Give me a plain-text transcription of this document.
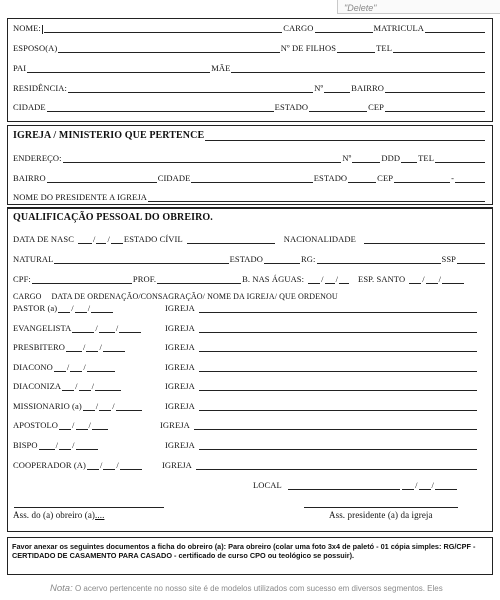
"Delete"
NOME:	CARGO	MATRICULA
ESPOSO(A)	Nº DE FILHOS	TEL
PAI	MÃE
RESIDÊNCIA:	Nº	BAIRRO
CIDADE	ESTADO	CEP
IGREJA / MINISTERIO QUE PERTENCE
ENDEREÇO:	Nº	DDD TEL
BAIRRO	CIDADE	ESTADO	CEP	-
NOME DO PRESIDENTE A IGREJA
QUALIFICAÇÃO PESSOAL DO OBREIRO.
DATA DE NASC / / ESTADO CÍVIL	NACIONALIDADE
NATURAL	ESTADO	RG:	SSP
CPF:	PROF.	B. NAS ÁGUAS: / / ESP. SANTO / /
CARGO DATA DE ORDENAÇÃO/CONSAGRAÇÃO/ NOME DA IGREJA/ QUE ORDENOU
PASTOR (a) / /	IGREJA
EVANGELISTA	/ /	IGREJA
PRESBITERO / /	IGREJA
DIACONO / /	IGREJA
DIACONIZA / /	IGREJA
MISSIONARIO (a) / /	IGREJA
APOSTOLO / /	IGREJA
BISPO / /	IGREJA
COOPERADOR (A) / /	IGREJA
LOCAL	/ /
Ass. do (a) obreiro (a) ....	Ass. presidente (a) da igreja
Favor anexar os seguintes documentos a ficha do obreiro (a): Para obreiro (colar uma foto 3x4 de paletó - 01 cópia simples: RG/CPF - CERTIDADO DE CASAMENTO PARA CASADO - certificado de curso CPO ou teológico se possuir).
Nota: O acervo pertencente no nosso site é de modelos utilizados com sucesso em diversos segmentos. Eles
